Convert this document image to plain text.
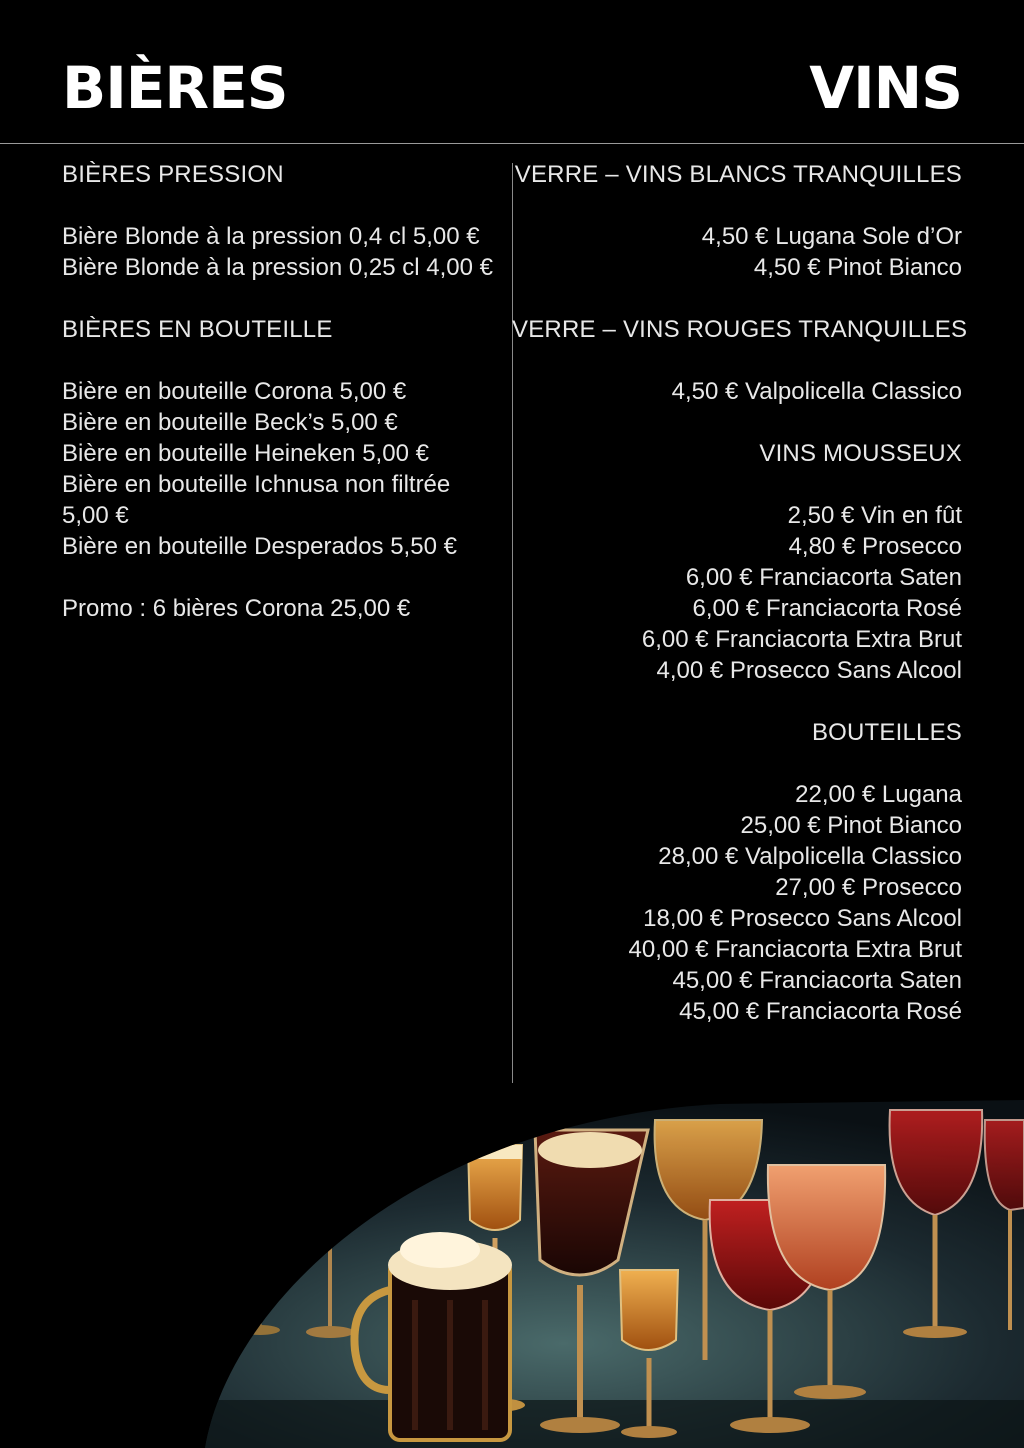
BIÈRES	VINS
BIÈRES PRESSION
Bière Blonde à la pression 0,4 cl 5,00 €
Bière Blonde à la pression 0,25 cl 4,00 €
BIÈRES EN BOUTEILLE
Bière en bouteille Corona 5,00 €
Bière en bouteille Beck’s 5,00 €
Bière en bouteille Heineken 5,00 €
Bière en bouteille Ichnusa non filtrée
5,00 €
Bière en bouteille Desperados 5,50 €
Promo : 6 bières Corona 25,00 €
VERRE – VINS BLANCS TRANQUILLES
4,50 € Lugana Sole d’Or
4,50 € Pinot Bianco
VERRE – VINS ROUGES TRANQUILLES
4,50 € Valpolicella Classico
VINS MOUSSEUX
2,50 € Vin en fût
4,80 € Prosecco
6,00 € Franciacorta Saten
6,00 € Franciacorta Rosé
6,00 € Franciacorta Extra Brut
4,00 € Prosecco Sans Alcool
BOUTEILLES
22,00 € Lugana
25,00 € Pinot Bianco
28,00 € Valpolicella Classico
27,00 € Prosecco
18,00 € Prosecco Sans Alcool
40,00 € Franciacorta Extra Brut
45,00 € Franciacorta Saten
45,00 € Franciacorta Rosé
